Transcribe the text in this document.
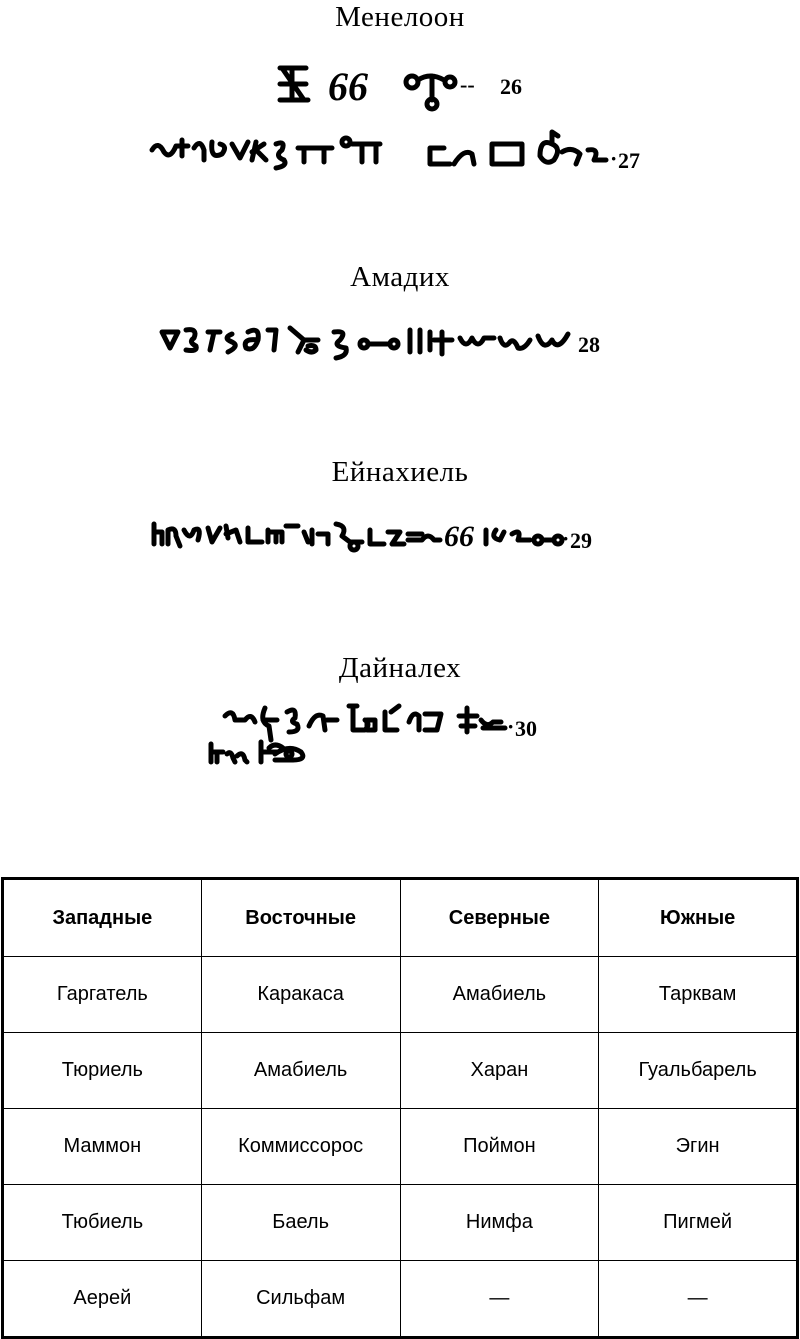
Менелоон
66	-- 26
· 27
Амадих
28
Ейнахиель
66	· 29
Дайналех
· 30
Западные	Восточные	Северные	Южные
Гаргатель	Каракаса	Амабиель	Тарквам
Тюриель	Амабиель	Харан	Гуальбарель
Маммон	Коммиссорос	Поймон	Эгин
Тюбиель	Баель	Нимфа	Пигмей
Аерей	Сильфам	—	—
